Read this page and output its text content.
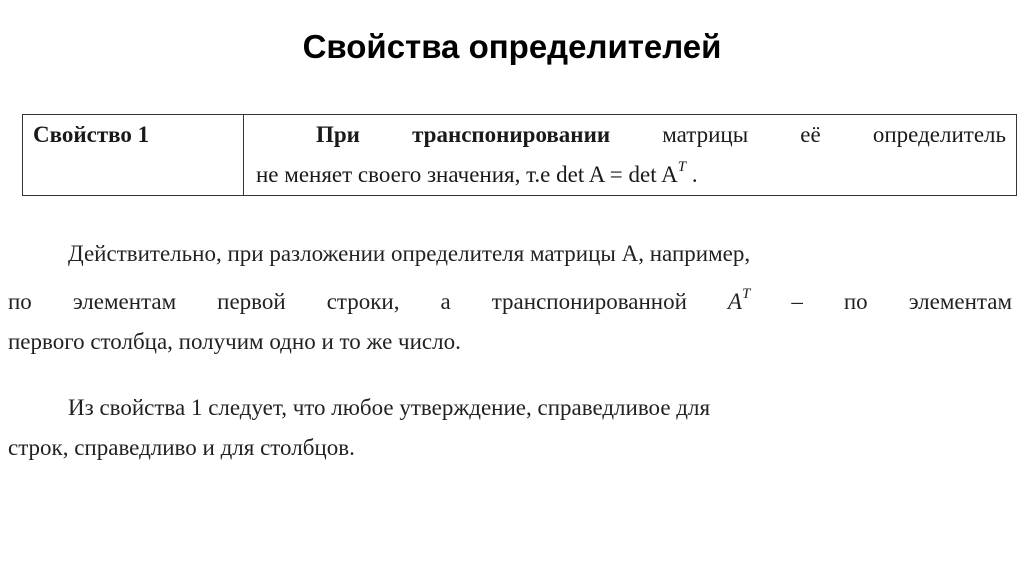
Свойства определителей
Свойство 1	При транспонировании матрицы её определитель
не меняет своего значения, т.е $\det A = \det A^T$ .
Действительно, при разложении определителя матрицы A, например,
по элементам первой строки, а транспонированной $A^T$ – по элементам
первого столбца, получим одно и то же число.
Из свойства 1 следует, что любое утверждение, справедливое для
строк, справедливо и для столбцов.
